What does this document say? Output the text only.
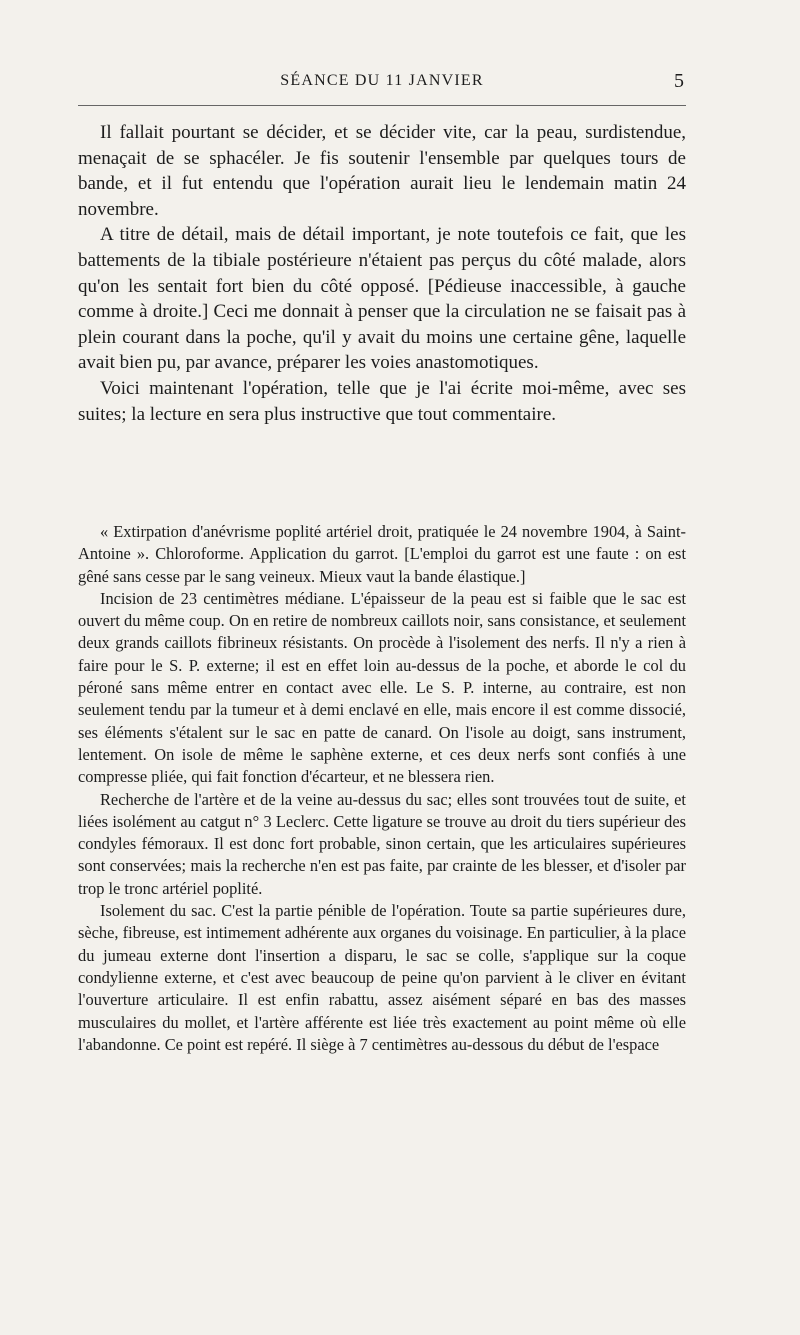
SÉANCE DU 11 JANVIER	5

Il fallait pourtant se décider, et se décider vite, car la peau, surdistendue, menaçait de se sphacéler. Je fis soutenir l'ensemble par quelques tours de bande, et il fut entendu que l'opération aurait lieu le lendemain matin 24 novembre.

A titre de détail, mais de détail important, je note toutefois ce fait, que les battements de la tibiale postérieure n'étaient pas perçus du côté malade, alors qu'on les sentait fort bien du côté opposé. [Pédieuse inaccessible, à gauche comme à droite.] Ceci me donnait à penser que la circulation ne se faisait pas à plein courant dans la poche, qu'il y avait du moins une certaine gêne, laquelle avait bien pu, par avance, préparer les voies anastomotiques.

Voici maintenant l'opération, telle que je l'ai écrite moi-même, avec ses suites; la lecture en sera plus instructive que tout commentaire.

« Extirpation d'anévrisme poplité artériel droit, pratiquée le 24 novembre 1904, à Saint-Antoine ». Chloroforme. Application du garrot. [L'emploi du garrot est une faute : on est gêné sans cesse par le sang veineux. Mieux vaut la bande élastique.]

Incision de 23 centimètres médiane. L'épaisseur de la peau est si faible que le sac est ouvert du même coup. On en retire de nombreux caillots noir, sans consistance, et seulement deux grands caillots fibrineux résistants. On procède à l'isolement des nerfs. Il n'y a rien à faire pour le S. P. externe; il est en effet loin au-dessus de la poche, et aborde le col du péroné sans même entrer en contact avec elle. Le S. P. interne, au contraire, est non seulement tendu par la tumeur et à demi enclavé en elle, mais encore il est comme dissocié, ses éléments s'étalent sur le sac en patte de canard. On l'isole au doigt, sans instrument, lentement. On isole de même le saphène externe, et ces deux nerfs sont confiés à une compresse pliée, qui fait fonction d'écarteur, et ne blessera rien.

Recherche de l'artère et de la veine au-dessus du sac; elles sont trouvées tout de suite, et liées isolément au catgut n° 3 Leclerc. Cette ligature se trouve au droit du tiers supérieur des condyles fémoraux. Il est donc fort probable, sinon certain, que les articulaires supérieures sont conservées; mais la recherche n'en est pas faite, par crainte de les blesser, et d'isoler par trop le tronc artériel poplité.

Isolement du sac. C'est la partie pénible de l'opération. Toute sa partie supérieures dure, sèche, fibreuse, est intimement adhérente aux organes du voisinage. En particulier, à la place du jumeau externe dont l'insertion a disparu, le sac se colle, s'applique sur la coque condylienne externe, et c'est avec beaucoup de peine qu'on parvient à le cliver en évitant l'ouverture articulaire. Il est enfin rabattu, assez aisément séparé en bas des masses musculaires du mollet, et l'artère afférente est liée très exactement au point même où elle l'abandonne. Ce point est repéré. Il siège à 7 centimètres au-dessous du début de l'espace
